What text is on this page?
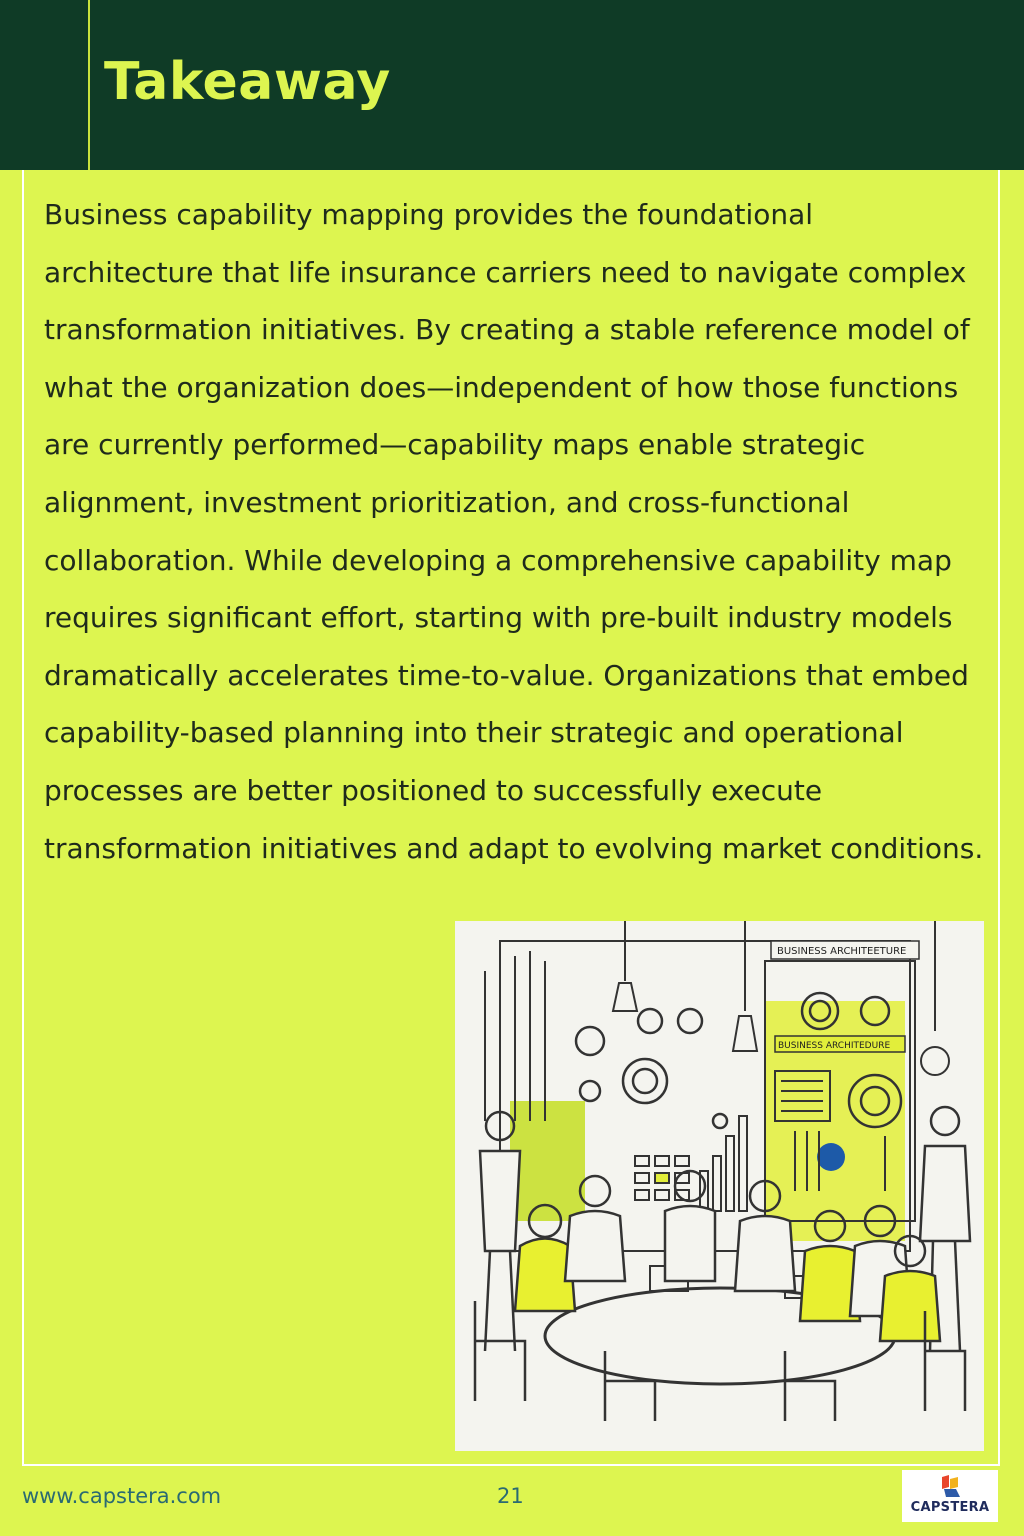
Takeaway

Business capability mapping provides the foundational architecture that life insurance carriers need to navigate complex transformation initiatives. By creating a stable reference model of what the organization does—independent of how those functions are currently performed—capability maps enable strategic alignment, investment prioritization, and cross-functional collaboration. While developing a comprehensive capability map requires significant effort, starting with pre-built industry models dramatically accelerates time-to-value. Organizations that embed capability-based planning into their strategic and operational processes are better positioned to successfully execute transformation initiatives and adapt to evolving market conditions.

BUSINESS ARCHITEETURE
BUSINESS ARCHITEDURE
www.capstera.com	21	CAPSTERA
